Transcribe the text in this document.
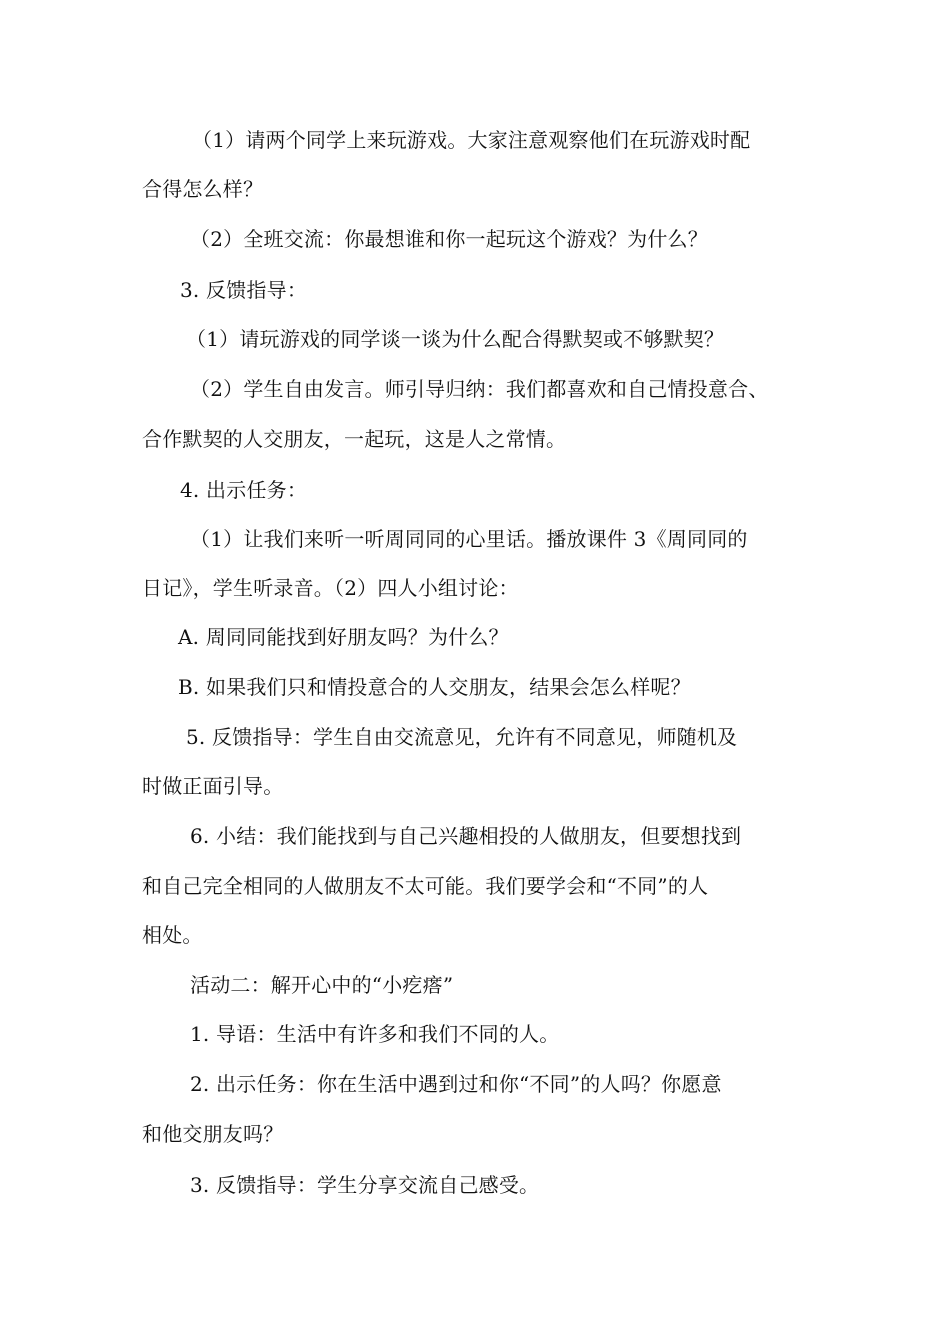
（1）请两个同学上来玩游戏。大家注意观察他们在玩游戏时配
合得怎么样？
（2）全班交流：你最想谁和你一起玩这个游戏？为什么？
3. 反馈指导：
（1）请玩游戏的同学谈一谈为什么配合得默契或不够默契？
（2）学生自由发言。师引导归纳：我们都喜欢和自己情投意合、
合作默契的人交朋友，一起玩，这是人之常情。
4. 出示任务：
（1）让我们来听一听周同同的心里话。播放课件 3《周同同的
日记》，学生听录音。（2）四人小组讨论：
A. 周同同能找到好朋友吗？为什么？
B. 如果我们只和情投意合的人交朋友，结果会怎么样呢？
5. 反馈指导：学生自由交流意见，允许有不同意见，师随机及
时做正面引导。
6. 小结：我们能找到与自己兴趣相投的人做朋友，但要想找到
和自己完全相同的人做朋友不太可能。我们要学会和“不同”的人
相处。
活动二：解开心中的“小疙瘩”
1. 导语：生活中有许多和我们不同的人。
2. 出示任务：你在生活中遇到过和你“不同”的人吗？你愿意
和他交朋友吗？
3. 反馈指导：学生分享交流自己感受。
